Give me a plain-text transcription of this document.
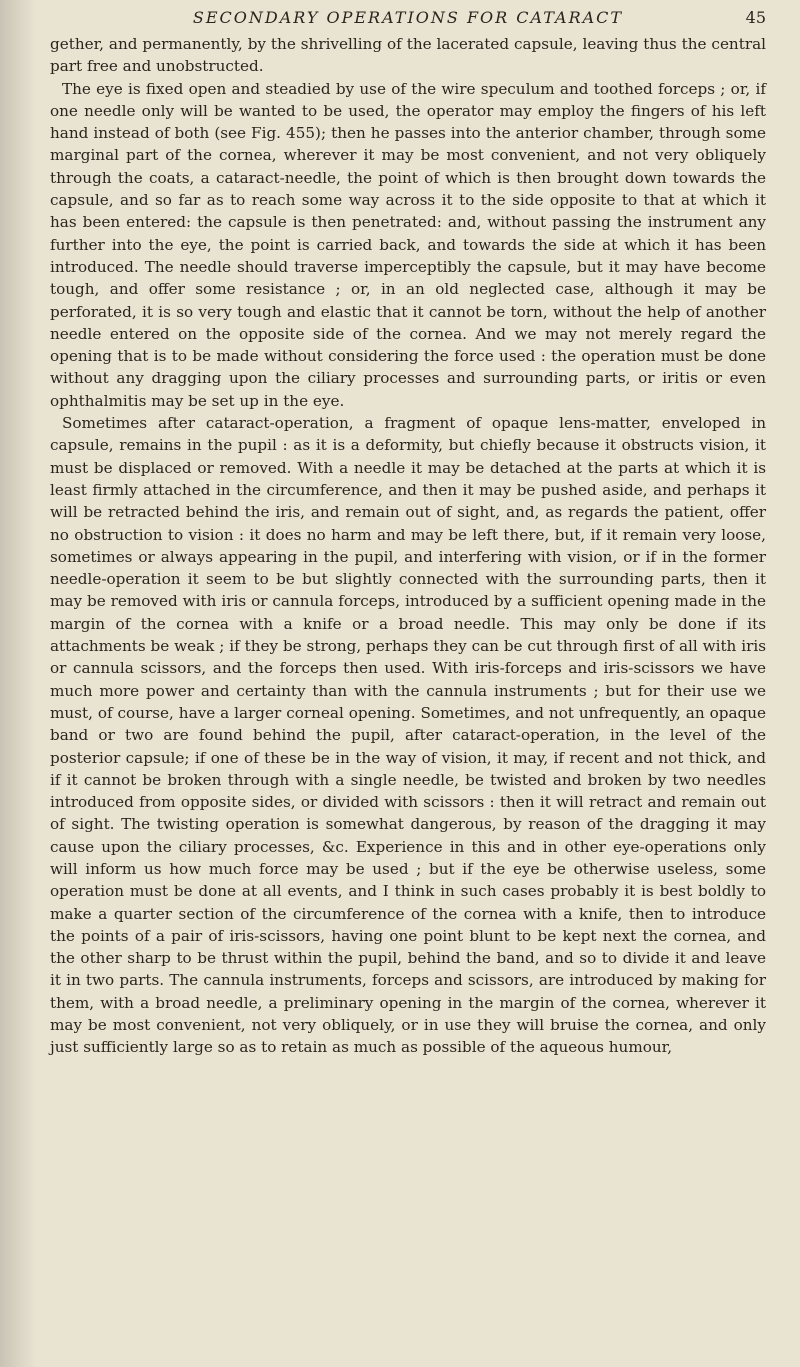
SECONDARY OPERATIONS FOR CATARACT	45

gether, and permanently, by the shrivelling of the lacerated capsule, leaving thus the central part free and unobstructed.

The eye is fixed open and steadied by use of the wire speculum and toothed forceps ; or, if one needle only will be wanted to be used, the operator may employ the fingers of his left hand instead of both (see Fig. 455); then he passes into the anterior chamber, through some marginal part of the cornea, wherever it may be most convenient, and not very obliquely through the coats, a cataract-needle, the point of which is then brought down towards the capsule, and so far as to reach some way across it to the side opposite to that at which it has been entered: the capsule is then penetrated: and, without passing the instrument any further into the eye, the point is carried back, and towards the side at which it has been introduced. The needle should traverse imperceptibly the capsule, but it may have become tough, and offer some resistance ; or, in an old neglected case, although it may be perforated, it is so very tough and elastic that it cannot be torn, without the help of another needle entered on the opposite side of the cornea. And we may not merely regard the opening that is to be made without considering the force used : the operation must be done without any dragging upon the ciliary processes and surrounding parts, or iritis or even ophthalmitis may be set up in the eye.

Sometimes after cataract-operation, a fragment of opaque lens-matter, enveloped in capsule, remains in the pupil : as it is a deformity, but chiefly because it obstructs vision, it must be displaced or removed. With a needle it may be detached at the parts at which it is least firmly attached in the circumference, and then it may be pushed aside, and perhaps it will be retracted behind the iris, and remain out of sight, and, as regards the patient, offer no obstruction to vision : it does no harm and may be left there, but, if it remain very loose, sometimes or always appearing in the pupil, and interfering with vision, or if in the former needle-operation it seem to be but slightly connected with the surrounding parts, then it may be removed with iris or cannula forceps, introduced by a sufficient opening made in the margin of the cornea with a knife or a broad needle. This may only be done if its attachments be weak ; if they be strong, perhaps they can be cut through first of all with iris or cannula scissors, and the forceps then used. With iris-forceps and iris-scissors we have much more power and certainty than with the cannula instruments ; but for their use we must, of course, have a larger corneal opening. Sometimes, and not unfrequently, an opaque band or two are found behind the pupil, after cataract-operation, in the level of the posterior capsule; if one of these be in the way of vision, it may, if recent and not thick, and if it cannot be broken through with a single needle, be twisted and broken by two needles introduced from opposite sides, or divided with scissors : then it will retract and remain out of sight. The twisting operation is somewhat dangerous, by reason of the dragging it may cause upon the ciliary processes, &c. Experience in this and in other eye-operations only will inform us how much force may be used ; but if the eye be otherwise useless, some operation must be done at all events, and I think in such cases probably it is best boldly to make a quarter section of the circumference of the cornea with a knife, then to introduce the points of a pair of iris-scissors, having one point blunt to be kept next the cornea, and the other sharp to be thrust within the pupil, behind the band, and so to divide it and leave it in two parts. The cannula instruments, forceps and scissors, are introduced by making for them, with a broad needle, a preliminary opening in the margin of the cornea, wherever it may be most convenient, not very obliquely, or in use they will bruise the cornea, and only just sufficiently large so as to retain as much as possible of the aqueous humour,
